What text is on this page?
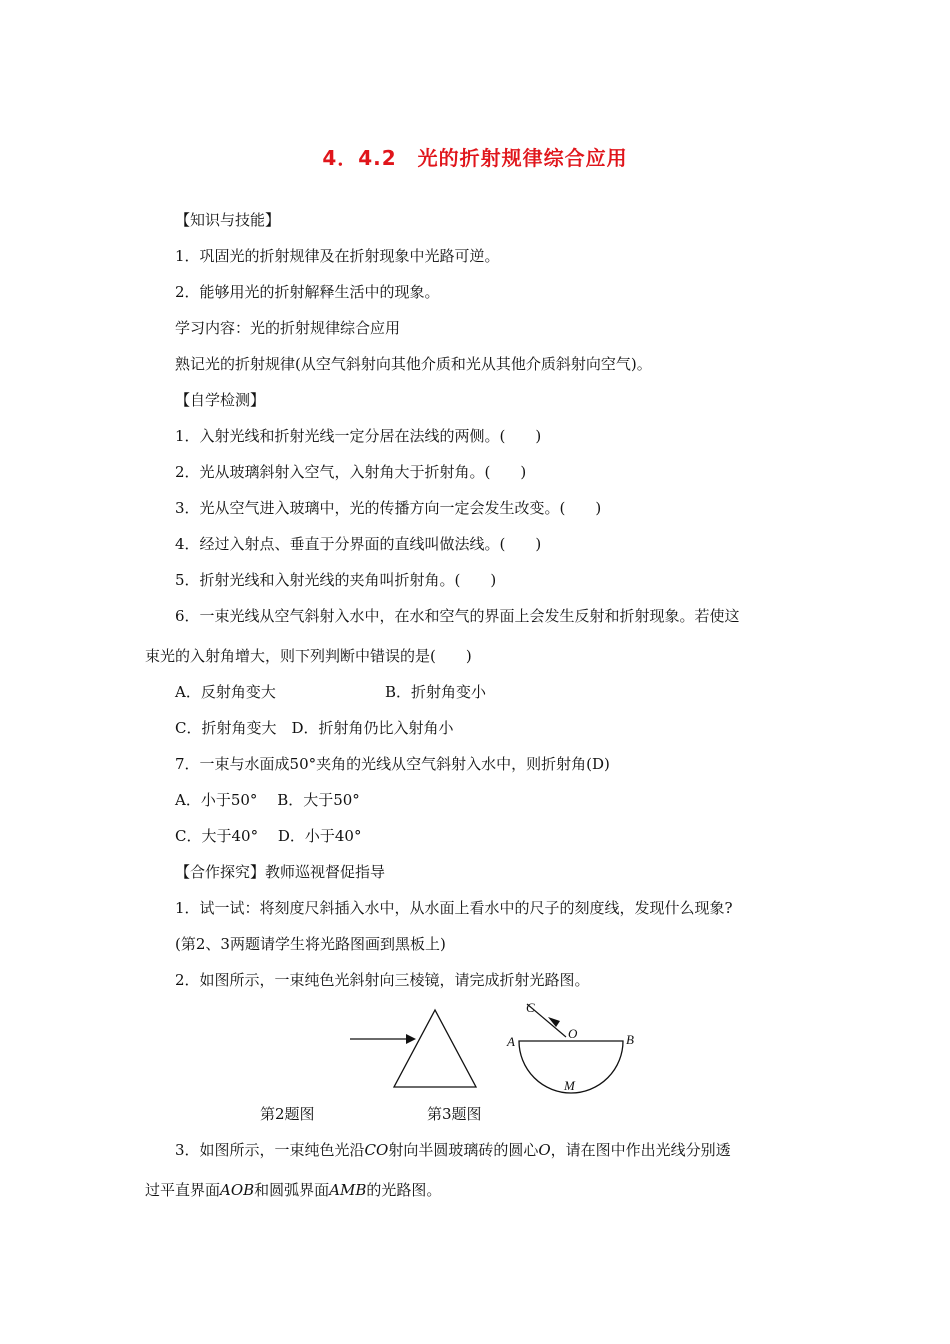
4．4.2　光的折射规律综合应用
【知识与技能】
1．巩固光的折射规律及在折射现象中光路可逆。
2．能够用光的折射解释生活中的现象。
学习内容：光的折射规律综合应用
熟记光的折射规律(从空气斜射向其他介质和光从其他介质斜射向空气)。
【自学检测】
1．入射光线和折射光线一定分居在法线的两侧。(　　)
2．光从玻璃斜射入空气，入射角大于折射角。(　　)
3．光从空气进入玻璃中，光的传播方向一定会发生改变。(　　)
4．经过入射点、垂直于分界面的直线叫做法线。(　　)
5．折射光线和入射光线的夹角叫折射角。(　　)
6．一束光线从空气斜射入水中，在水和空气的界面上会发生反射和折射现象。若使这
束光的入射角增大，则下列判断中错误的是(　　)
A．反射角变大	B．折射角变小
C．折射角变大　D．折射角仍比入射角小
7．一束与水面成50°夹角的光线从空气斜射入水中，则折射角(D)
A．小于50°　 B．大于50°
C．大于40°　 D．小于40°
【合作探究】教师巡视督促指导
1．试一试：将刻度尺斜插入水中，从水面上看水中的尺子的刻度线，发现什么现象?
(第2、3两题请学生将光路图画到黑板上)
2．如图所示，一束纯色光斜射向三棱镜，请完成折射光路图。
C
O
A	B
M
第2题图	第3题图
3．如图所示，一束纯色光沿CO射向半圆玻璃砖的圆心O，请在图中作出光线分别透
过平直界面AOB和圆弧界面AMB的光路图。
